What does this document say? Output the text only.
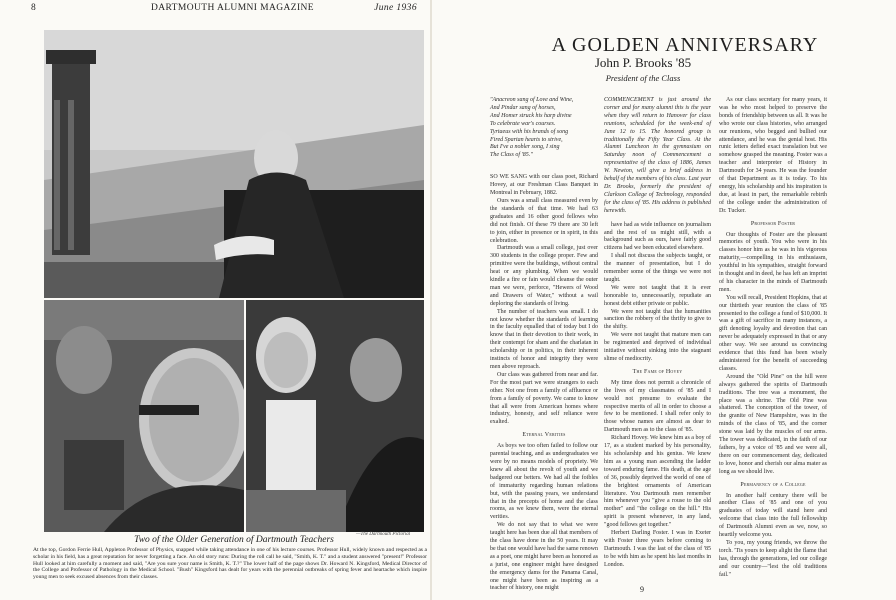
8	DARTMOUTH ALUMNI MAGAZINE	June 1936
—The Dartmouth Pictorial
Two of the Older Generation of Dartmouth Teachers
At the top, Gordon Ferrie Hull, Appleton Professor of Physics, snapped while taking attendance in one of his lecture courses. Professor Hull, widely known and respected as a scholar in his field, has a great reputation for never forgetting a face. An old story runs: During the roll call he said, "Smith, K. T." and a student answered "present!" Professor Hull looked at him carefully a moment and said, "Are you sure your name is Smith, K. T.?" The lower half of the page shows Dr. Howard N. Kingsford, Medical Director of the College and Professor of Pathology in the Medical School. "Bush" Kingsford has dealt for years with the perennial outbreaks of spring fever and heartache which inspire young men to seek excused absences from their classes.
A GOLDEN ANNIVERSARY
John P. Brooks '85
President of the Class
"Anacreon sang of Love and Wine,
And Pindar sang of horses,
And Homer struck his harp divine
To celebrate war's courses.
Tyrtaeus with his brands of song
Fired Spartan hearts to strive,
But I've a nobler song, I sing
The Class of '85."

SO WE SANG with our class poet, Richard Hovey, at our Freshman Class Banquet in Montreal in February, 1882.

Ours was a small class measured even by the standards of that time. We had 63 graduates and 16 other good fellows who did not finish. Of these 79 there are 30 left to join, either in presence or in spirit, in this celebration.

Dartmouth was a small college, just over 300 students in the college proper. Few and primitive were the buildings, without central heat or any plumbing. When we would kindle a fire or fain would cleanse the outer man we were, perforce, "Hewers of Wood and Drawers of Water," without a wail deploring the standards of living.

The number of teachers was small. I do not know whether the standards of learning in the faculty equalled that of today but I do know that in their devotion to their work, in their contempt for sham and the charlatan in scholarship or in politics, in their inherent instincts of honor and integrity they were men above reproach.

Our class was gathered from near and far. For the most part we were strangers to each other. Not one from a family of affluence or from a family of poverty. We came to know that all were from American homes where industry, honesty, and self reliance were exalted.

Eternal Verities

As boys we too often failed to follow our parental teaching, and as undergraduates we were by no means models of propriety. We knew all about the revolt of youth and we badgered our betters. We had all the foibles of immaturity regarding human relations but, with the passing years, we understand that in the precepts of home and the class rooms, as we knew them, were the eternal verities.

We do not say that to what we were taught here has been due all that members of the class have done in the 50 years. It may be that one would have had the same renown as a poet, one might have been as honored as a jurist, one engineer might have designed the emergency dams for the Panama Canal, one might have been as inspiring as a teacher of history, one might

COMMENCEMENT is just around the corner and for many alumni this is the year when they will return to Hanover for class reunions, scheduled for the week-end of June 12 to 15. The honored group is traditionally the Fifty Year Class. At the Alumni Luncheon in the gymnasium on Saturday noon of Commencement a representative of the class of 1886, James W. Newton, will give a brief address in behalf of the members of his class. Last year Dr. Brooks, formerly the president of Clarkson College of Technology, responded for the class of '85. His address is published herewith.

have had as wide influence on journalism and the rest of us might still, with a background such as ours, have fairly good citizens had we been educated elsewhere.

I shall not discuss the subjects taught, or the manner of presentation, but I do remember some of the things we were not taught.

We were not taught that it is ever honorable to, unnecessarily, repudiate an honest debt either private or public.

We were not taught that the humanities sanction the robbery of the thrifty to give to the shifty.

We were not taught that mature men can be regimented and deprived of individual initiative without sinking into the stagnant slime of mediocrity.

The Fame of Hovey

My time does not permit a chronicle of the lives of my classmates of '85 and I would not presume to evaluate the respective merits of all in order to choose a few to be mentioned. I shall refer only to those whose names are almost as dear to Dartmouth men as to the class of '85.

Richard Hovey. We knew him as a boy of 17, as a student marked by his personality, his scholarship and his genius. We knew him as a young man ascending the ladder toward enduring fame. His death, at the age of 36, possibly deprived the world of one of the brightest ornaments of American literature. You Dartmouth men remember him whenever you "give a rouse to the old mother" and "the college on the hill." His spirit is present whenever, in any land, "good fellows get together."

Herbert Darling Foster. I was in Exeter with Foster three years before coming to Dartmouth. I was the last of the class of '85 to be with him as he spent his last months in London.

As our class secretary for many years, it was he who most helped to preserve the bonds of friendship between us all. It was he who wrote our class histories, who arranged our reunions, who begged and bullied our attendance, and he was the genial host. His runic letters defied exact translation but we somehow grasped the meaning. Foster was a teacher and interpreter of History in Dartmouth for 34 years. He was the founder of that Department as it is today. To his energy, his scholarship and his inspiration is due, at least in part, the remarkable rebirth of the college under the administration of Dr. Tucker.

Professor Foster

Our thoughts of Foster are the pleasant memories of youth. You who were in his classes honor him as he was in his vigorous maturity,—compelling in his enthusiasm, youthful in his sympathies, straight forward in thought and in deed, he has left an imprint of his character in the minds of Dartmouth men.

You will recall, President Hopkins, that at our thirtieth year reunion the class of '85 presented to the college a fund of $10,000. It was a gift of sacrifice in many instances, a gift denoting loyalty and devotion that can never be adequately expressed in that or any other way. We see around us convincing evidence that this fund has been wisely administered for the benefit of succeeding classes.

Around the "Old Pine" on the hill were always gathered the spirits of Dartmouth traditions. The tree was a monument, the place was a shrine. The Old Pine was shattered. The conception of the tower, of the granite of New Hampshire, was in the minds of the class of '85, and the corner stone was laid by the muscles of our arms. The tower was dedicated, in the faith of our fathers, by a voice of '85 and we were all, there on our commencement day, dedicated to love, honor and cherish our alma mater as long as we should live.

Permanency of a College

In another half century there will be another Class of '85 and one of you graduates of today will stand here and welcome that class into the full fellowship of Dartmouth Alumni even as we, now, so heartily welcome you.

To you, my young friends, we throw the torch. 'Tis yours to keep alight the flame that has, through the generations, led our college and our country—"lest the old traditions fail."

9
